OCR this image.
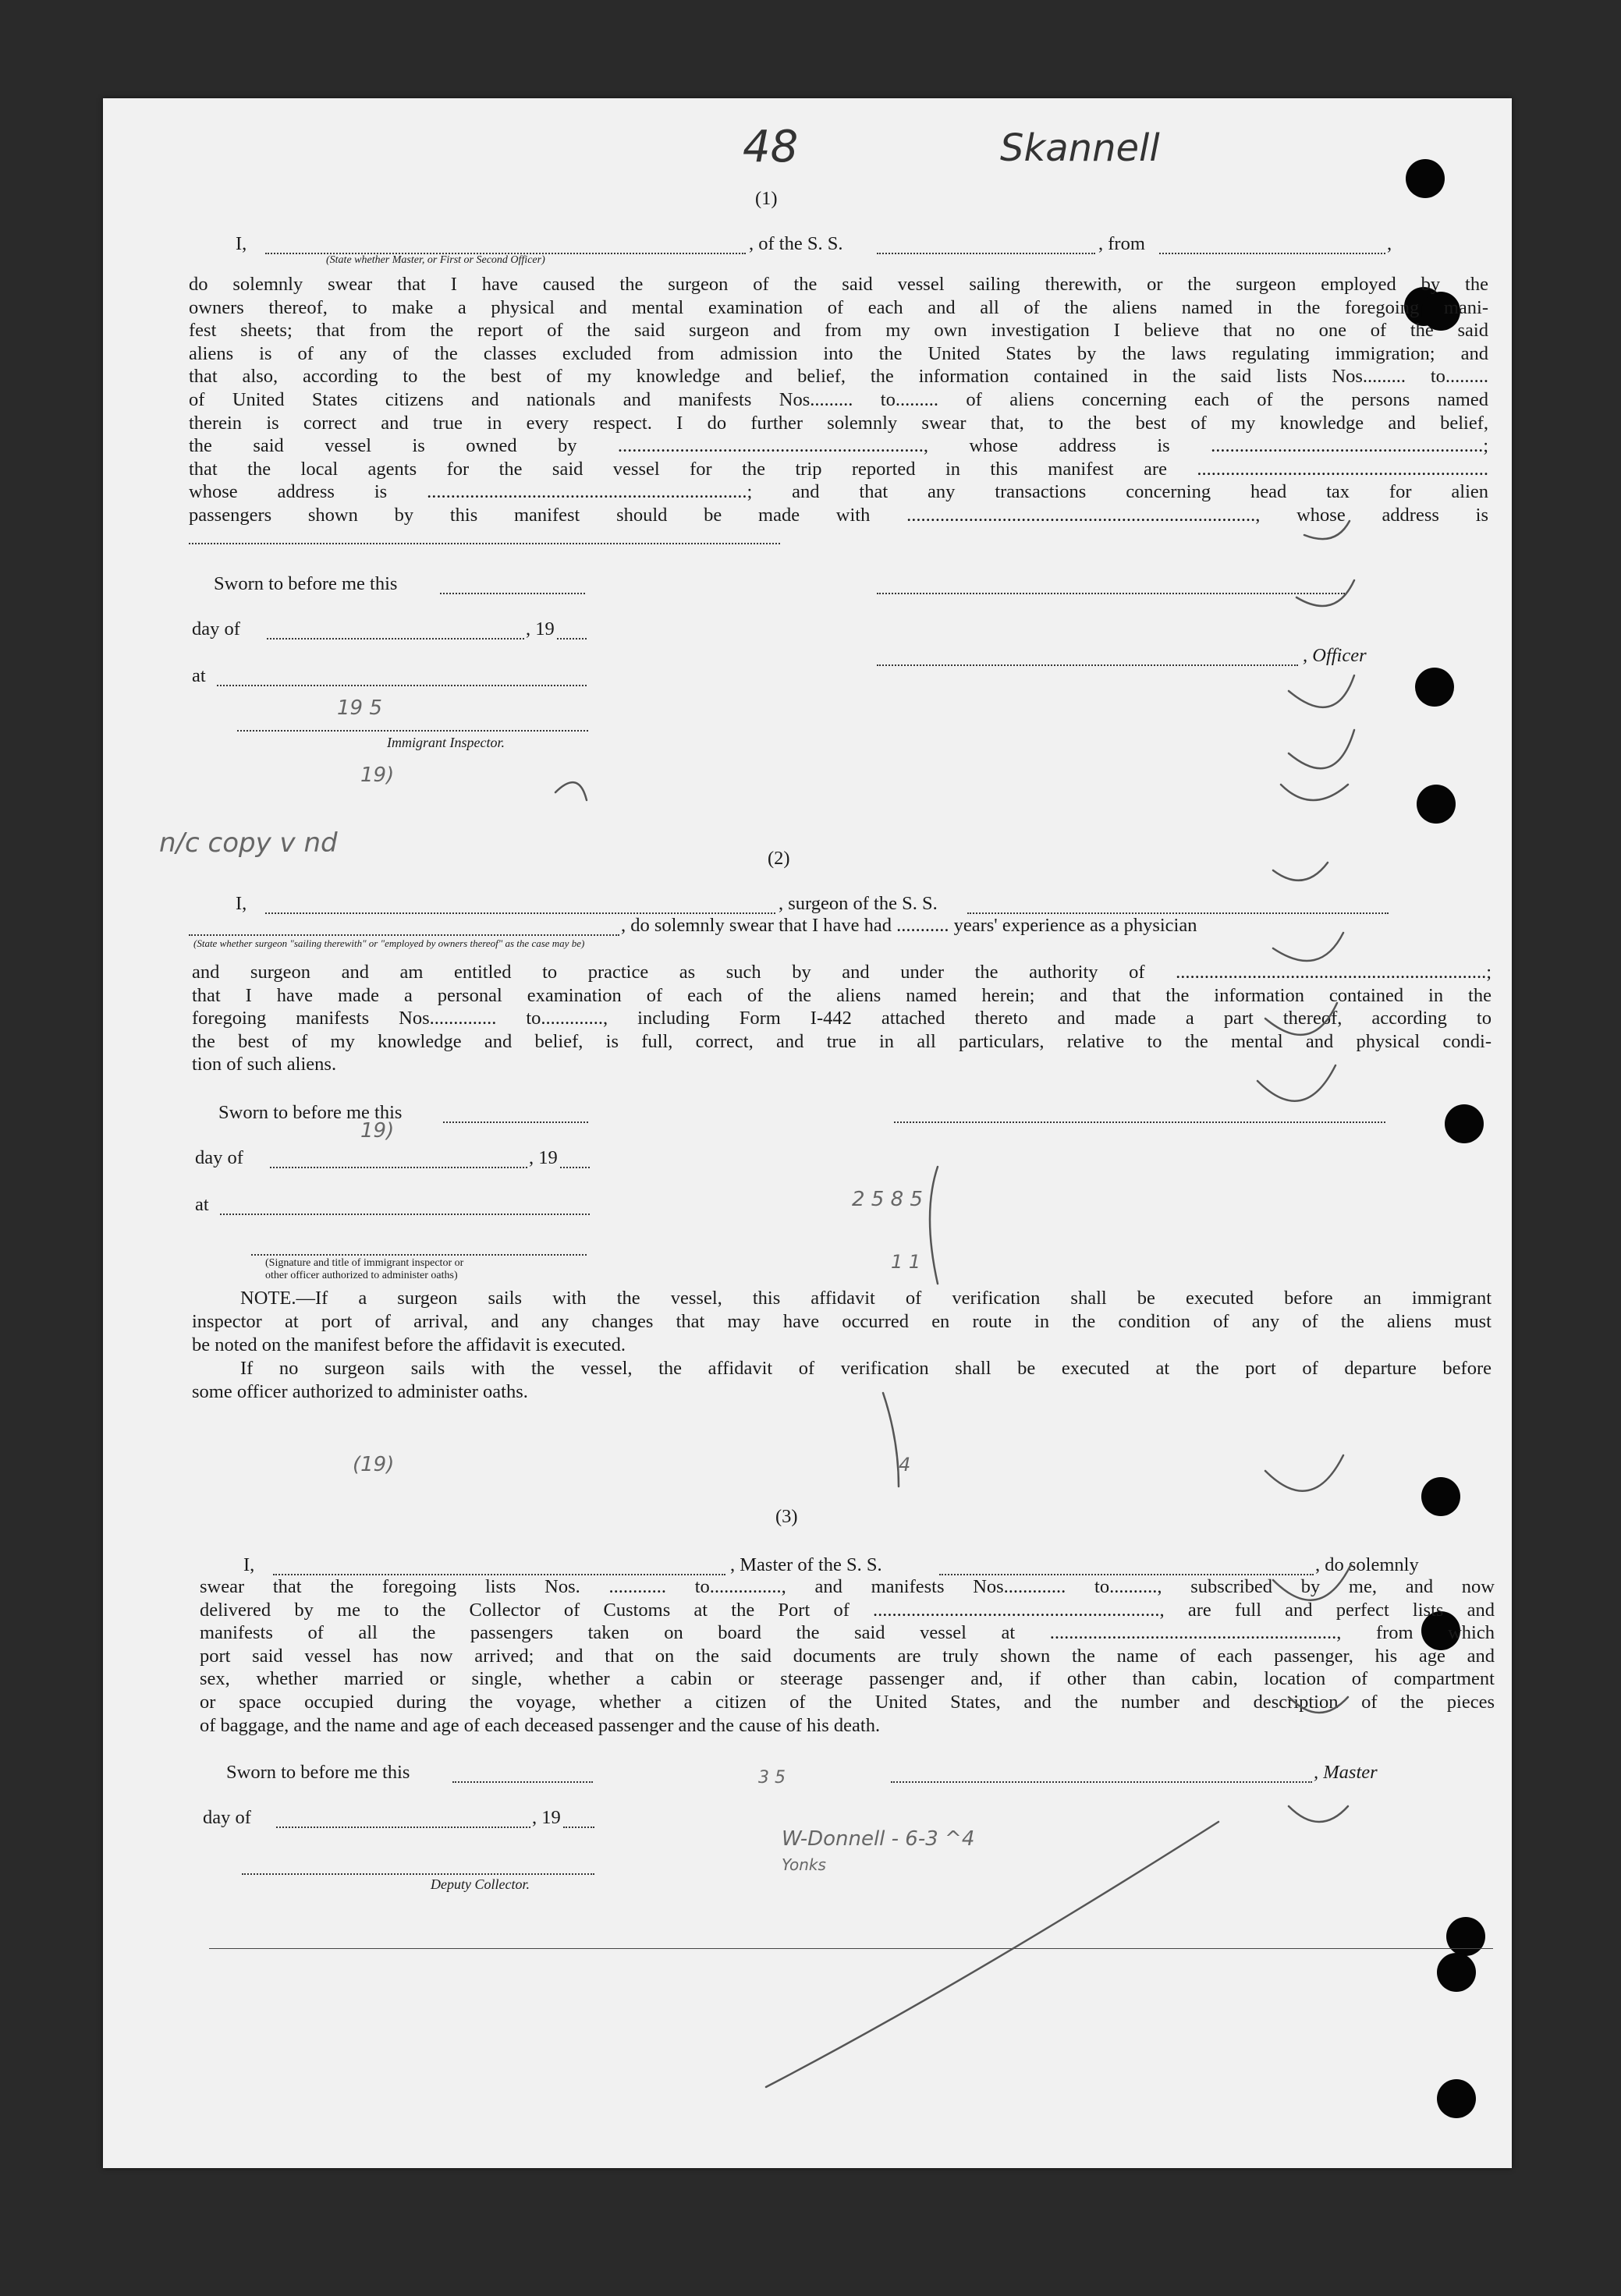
48	Skannell
(1)
I,	, of the S. S.	, from	,
(State whether Master, or First or Second Officer)
do solemnly swear that I have caused the surgeon of the said vessel sailing therewith, or the surgeon employed by the
owners thereof, to make a physical and mental examination of each and all of the aliens named in the foregoing mani-
fest sheets; that from the report of the said surgeon and from my own investigation I believe that no one of the said
aliens is of any of the classes excluded from admission into the United States by the laws regulating immigration; and
that also, according to the best of my knowledge and belief, the information contained in the said lists Nos......... to.........
of United States citizens and nationals and manifests Nos......... to......... of aliens concerning each of the persons named
therein is correct and true in every respect. I do further solemnly swear that, to the best of my knowledge and belief,
the said vessel is owned by ................................................................, whose address is .........................................................;
that the local agents for the said vessel for the trip reported in this manifest are .............................................................
whose address is ...................................................................; and that any transactions concerning head tax for alien
passengers shown by this manifest should be made with ........................................................................., whose address is
Sworn to before me this
day of	, 19
, Officer
at
Immigrant Inspector.
(2)
I,	, surgeon of the S. S.
, do solemnly swear that I have had ........... years' experience as a physician
(State whether surgeon "sailing therewith" or "employed by owners thereof" as the case may be)
and surgeon and am entitled to practice as such by and under the authority of .................................................................;
that I have made a personal examination of each of the aliens named herein; and that the information contained in the
foregoing manifests Nos.............. to............., including Form I-442 attached thereto and made a part thereof, according to
the best of my knowledge and belief, is full, correct, and true in all particulars, relative to the mental and physical condi-
tion of such aliens.
Sworn to before me this
day of	, 19
at
(Signature and title of immigrant inspector or
other officer authorized to administer oaths)
NOTE.—If a surgeon sails with the vessel, this affidavit of verification shall be executed before an immigrant
inspector at port of arrival, and any changes that may have occurred en route in the condition of any of the aliens must
be noted on the manifest before the affidavit is executed.
If no surgeon sails with the vessel, the affidavit of verification shall be executed at the port of departure before
some officer authorized to administer oaths.
(3)
I,	, Master of the S. S.	, do solemnly
swear that the foregoing lists Nos. ............ to..............., and manifests Nos............. to.........., subscribed by me, and now
delivered by me to the Collector of Customs at the Port of ............................................................, are full and perfect lists and
manifests of all the passengers taken on board the said vessel at ............................................................, from which
port said vessel has now arrived; and that on the said documents are truly shown the name of each passenger, his age and
sex, whether married or single, whether a cabin or steerage passenger and, if other than cabin, location of compartment
or space occupied during the voyage, whether a citizen of the United States, and the number and description of the pieces
of baggage, and the name and age of each deceased passenger and the cause of his death.
Sworn to before me this	, Master
day of	, 19
Deputy Collector.
n/c copy v nd
19 5
19)
19)
(19)
2 5 8 5
1 1
4
W-Donnell - 6-3 ^4
Yonks
3 5
